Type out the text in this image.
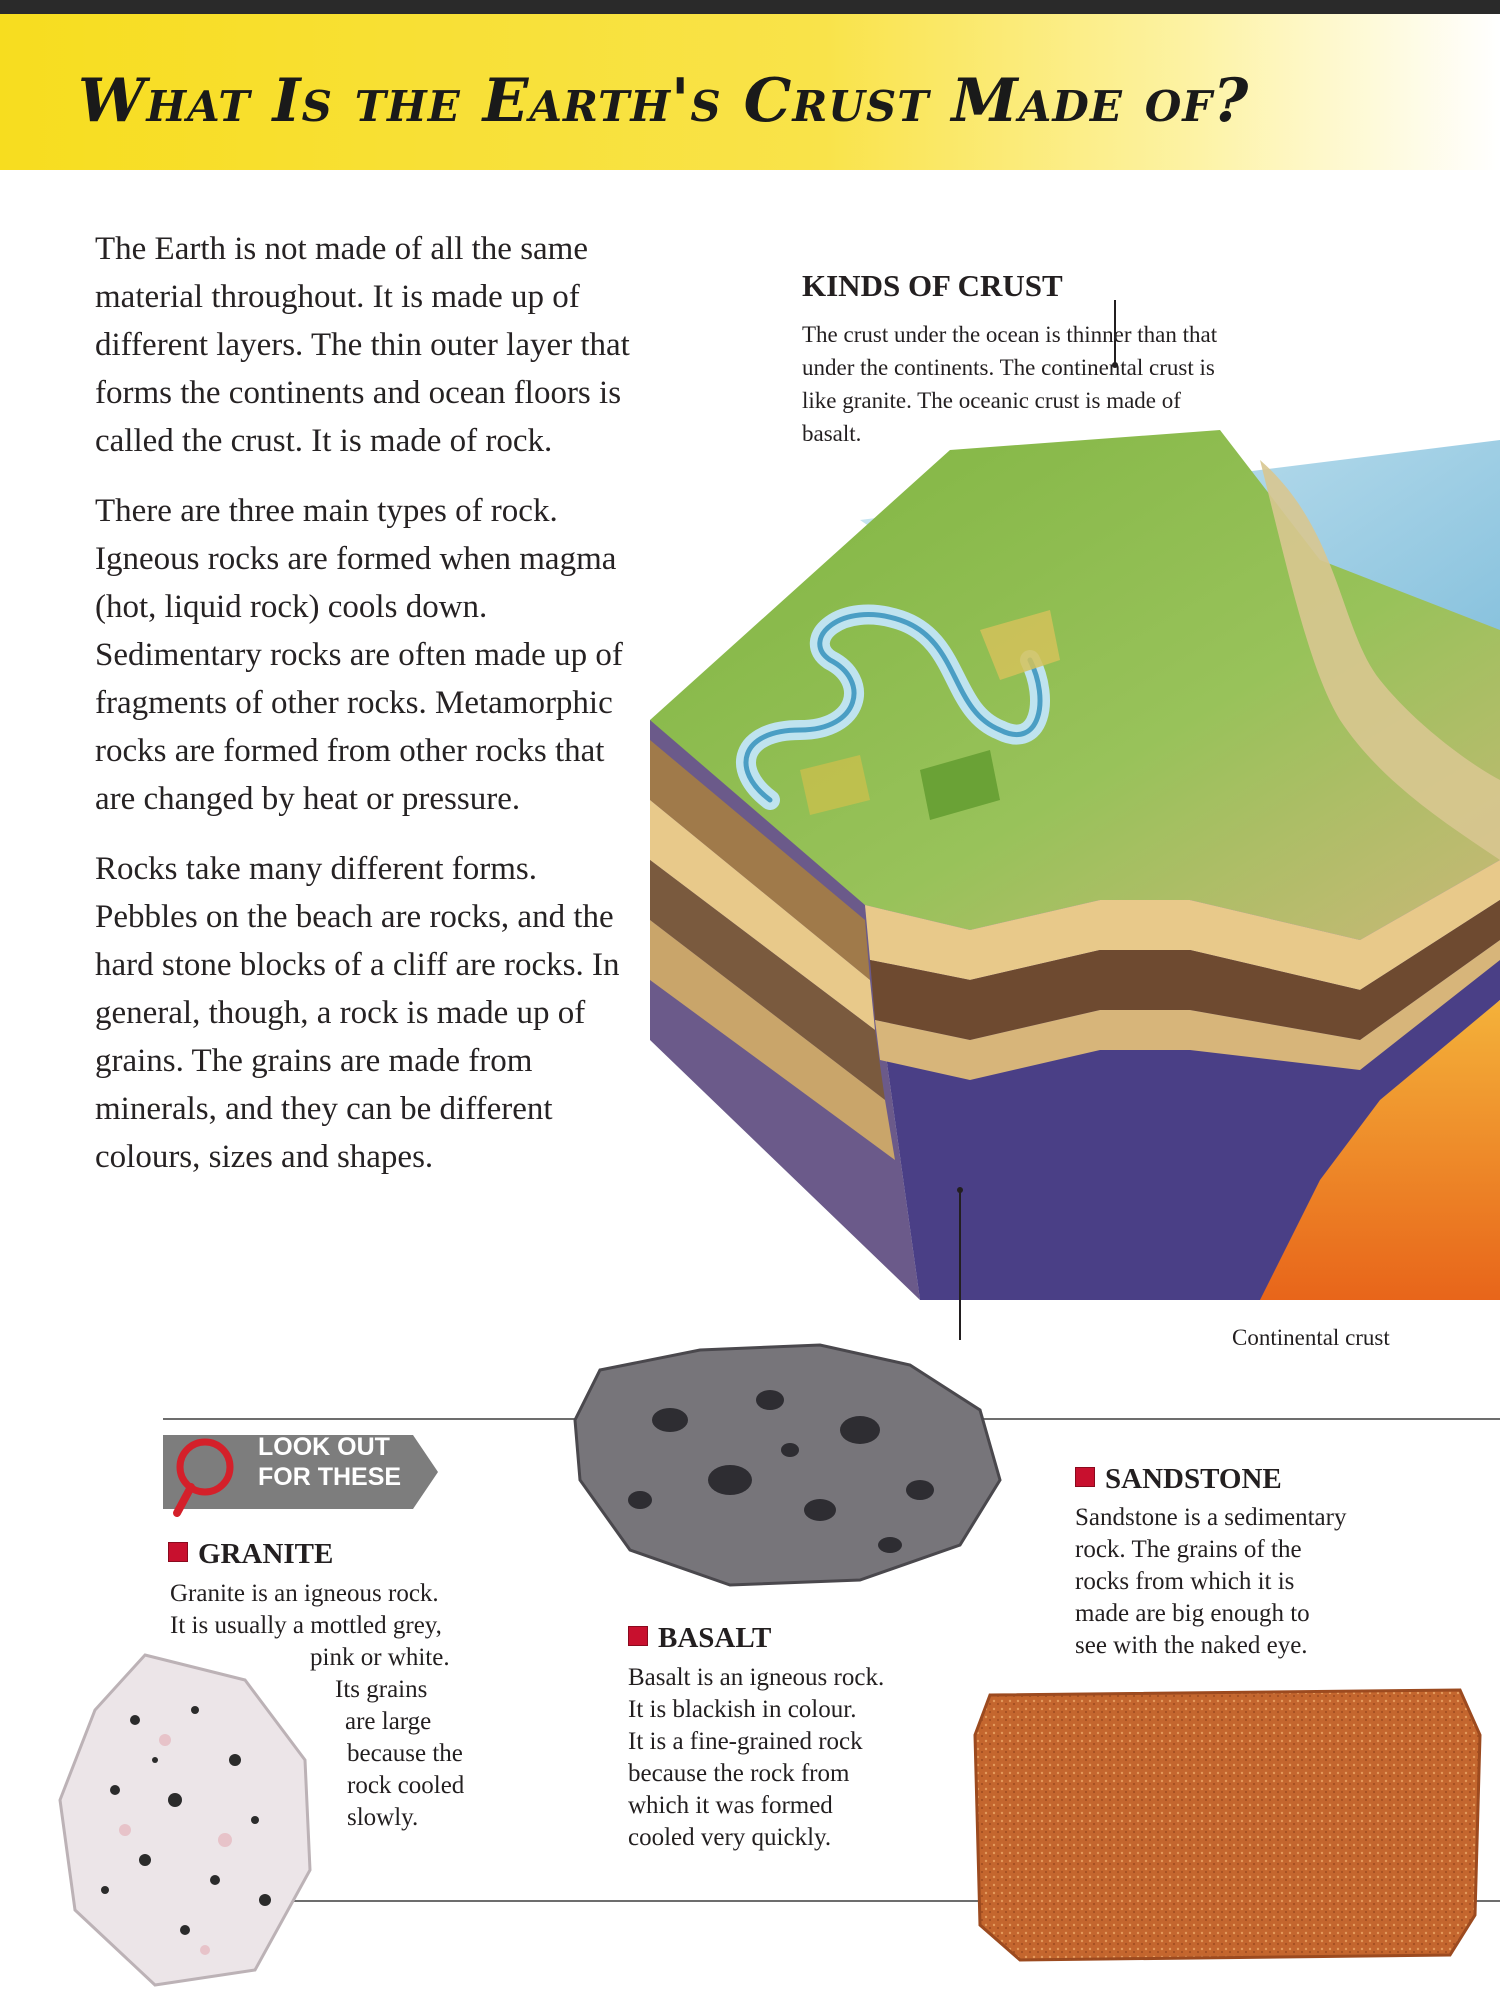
What Is the Earth's Crust Made of?

The Earth is not made of all the same material throughout. It is made up of different layers. The thin outer layer that forms the continents and ocean floors is called the crust. It is made of rock.

There are three main types of rock. Igneous rocks are formed when magma (hot, liquid rock) cools down. Sedimentary rocks are often made up of fragments of other rocks. Metamorphic rocks are formed from other rocks that are changed by heat or pressure.

Rocks take many different forms. Pebbles on the beach are rocks, and the hard stone blocks of a cliff are rocks. In general, though, a rock is made up of grains. The grains are made from minerals, and they can be different colours, sizes and shapes.

KINDS OF CRUST

The crust under the ocean is thinner than that under the continents. The continental crust is like granite. The oceanic crust is made of basalt.

Continental crust

LOOK OUT FOR THESE
GRANITE
Granite is an igneous rock.
It is usually a mottled grey,
pink or white.
Its grains
are large
because the
rock cooled
slowly.
BASALT
Basalt is an igneous rock.
It is blackish in colour.
It is a fine-grained rock
because the rock from
which it was formed
cooled very quickly.
SANDSTONE
Sandstone is a sedimentary
rock. The grains of the
rocks from which it is
made are big enough to
see with the naked eye.
